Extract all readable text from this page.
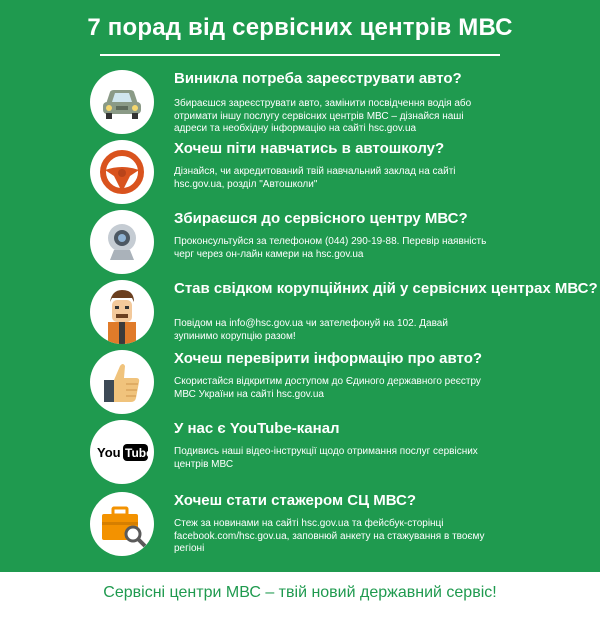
7 порад від сервісних центрів МВС
Виникла потреба зареєструвати авто?
Збираєшся зареєструвати авто, замінити посвідчення водія або отримати іншу послугу сервісних центрів МВС – дізнайся наші адреси та необхідну інформацію на сайті hsc.gov.ua
Хочеш піти навчатись в автошколу?
Дізнайся, чи акредитований твій навчальний заклад на сайті hsc.gov.ua, розділ "Автошколи"
Збираєшся до сервісного центру МВС?
Проконсультуйся за телефоном (044) 290-19-88. Перевір наявність черг через он-лайн камери на hsc.gov.ua
Став свідком корупційних дій у сервісних центрах МВС?
Повідом на info@hsc.gov.ua чи зателефонуй на 102. Давай зупинимо корупцію разом!
Хочеш перевірити інформацію про авто?
Скористайся відкритим доступом до Єдиного державного реєстру МВС України на сайті hsc.gov.ua
You Tube
У нас є YouTube-канал
Подивись наші відео-інструкції щодо отримання послуг сервісних центрів МВС
Хочеш стати стажером СЦ МВС?
Стеж за новинами на сайті hsc.gov.ua та фейсбук-сторінці facebook.com/hsc.gov.ua, заповнюй анкету на стажування в твоєму регіоні
Сервісні центри МВС – твій новий державний сервіс!
